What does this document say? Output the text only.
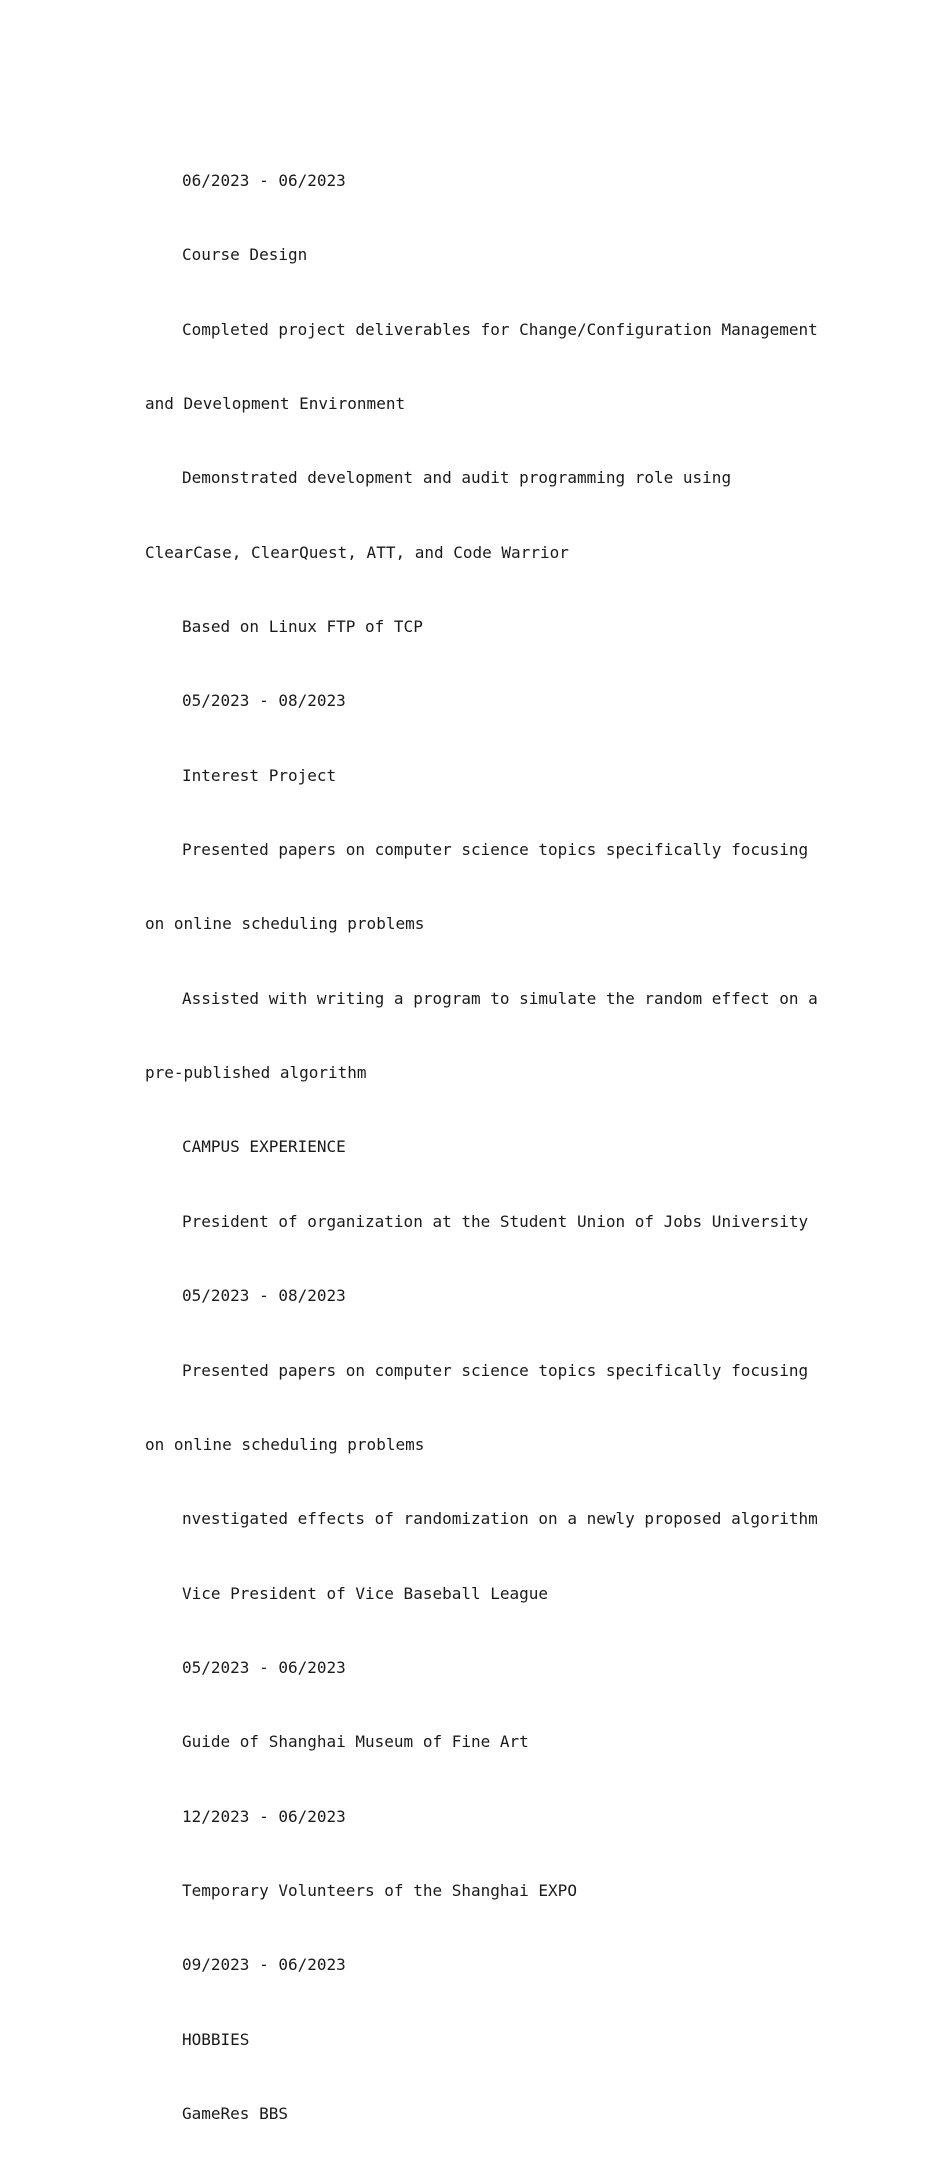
06/2023 - 06/2023

Course Design

Completed project deliverables for Change/Configuration Management

and Development Environment

Demonstrated development and audit programming role using

ClearCase, ClearQuest, ATT, and Code Warrior

Based on Linux FTP of TCP

05/2023 - 08/2023

Interest Project

Presented papers on computer science topics specifically focusing

on online scheduling problems

Assisted with writing a program to simulate the random effect on a

pre-published algorithm

CAMPUS EXPERIENCE

President of organization at the Student Union of Jobs University

05/2023 - 08/2023

Presented papers on computer science topics specifically focusing

on online scheduling problems

nvestigated effects of randomization on a newly proposed algorithm

Vice President of Vice Baseball League

05/2023 - 06/2023

Guide of Shanghai Museum of Fine Art

12/2023 - 06/2023

Temporary Volunteers of the Shanghai EXPO

09/2023 - 06/2023

HOBBIES

GameRes BBS
